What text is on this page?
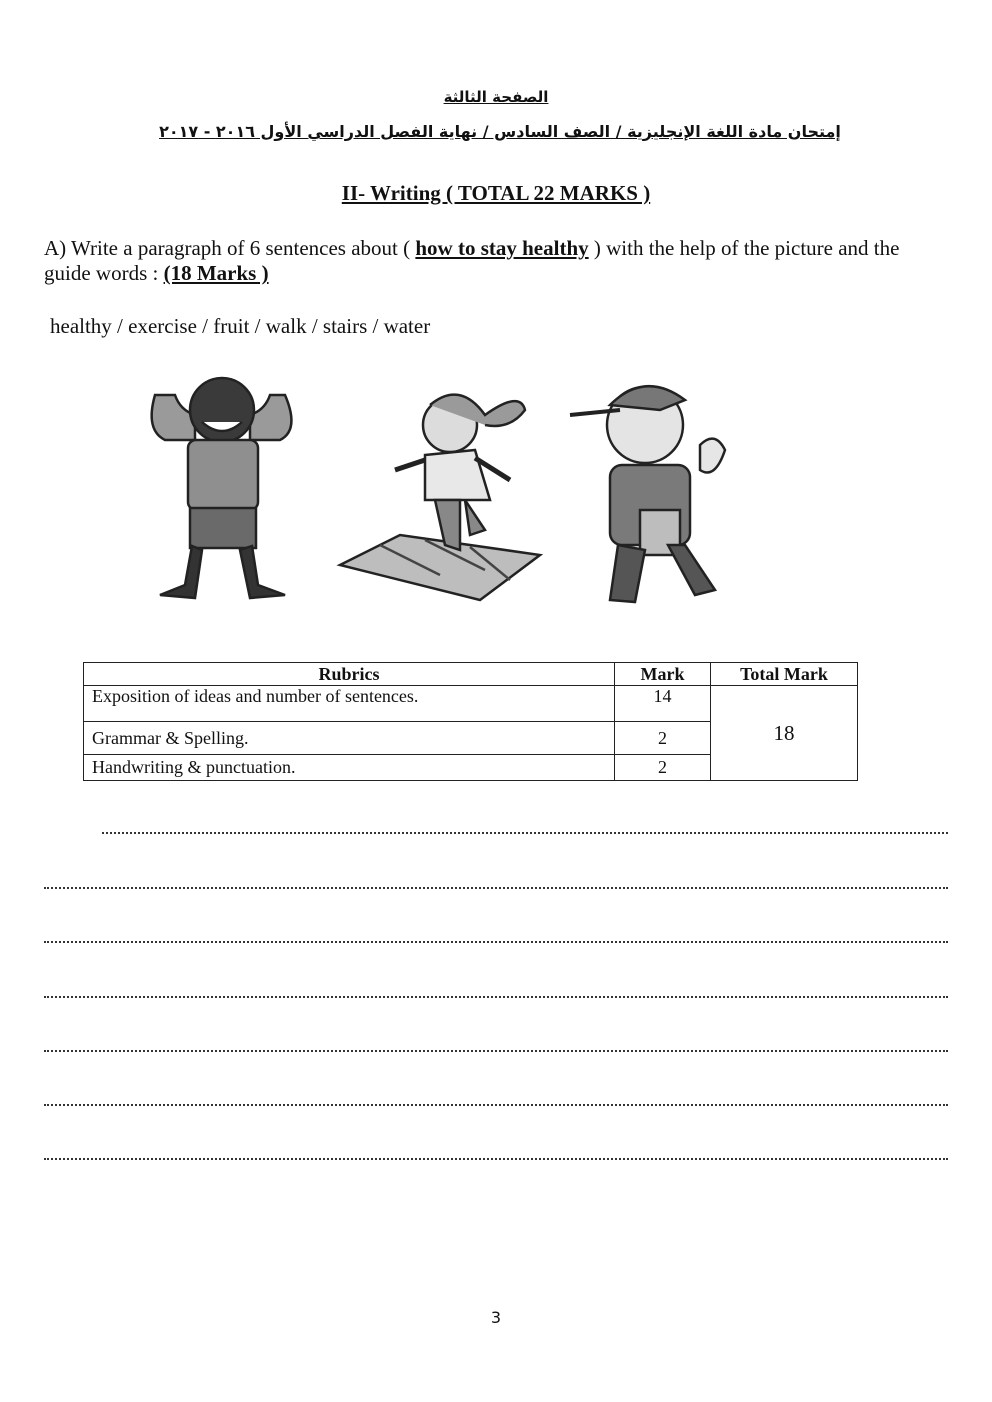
الصفحة الثالثة
إمتحان مادة اللغة الإنجليزية / الصف السادس / نهاية الفصل الدراسي الأول ٢٠١٦ - ٢٠١٧
II- Writing ( TOTAL 22 MARKS )
A) Write a paragraph of 6 sentences about ( how to stay healthy ) with the help of the picture and the guide words : (18 Marks )
healthy / exercise / fruit / walk / stairs / water
Rubrics	Mark	Total Mark
Exposition of ideas and number of sentences.	14	18
Grammar & Spelling.	2	
Handwriting & punctuation.	2	
3
